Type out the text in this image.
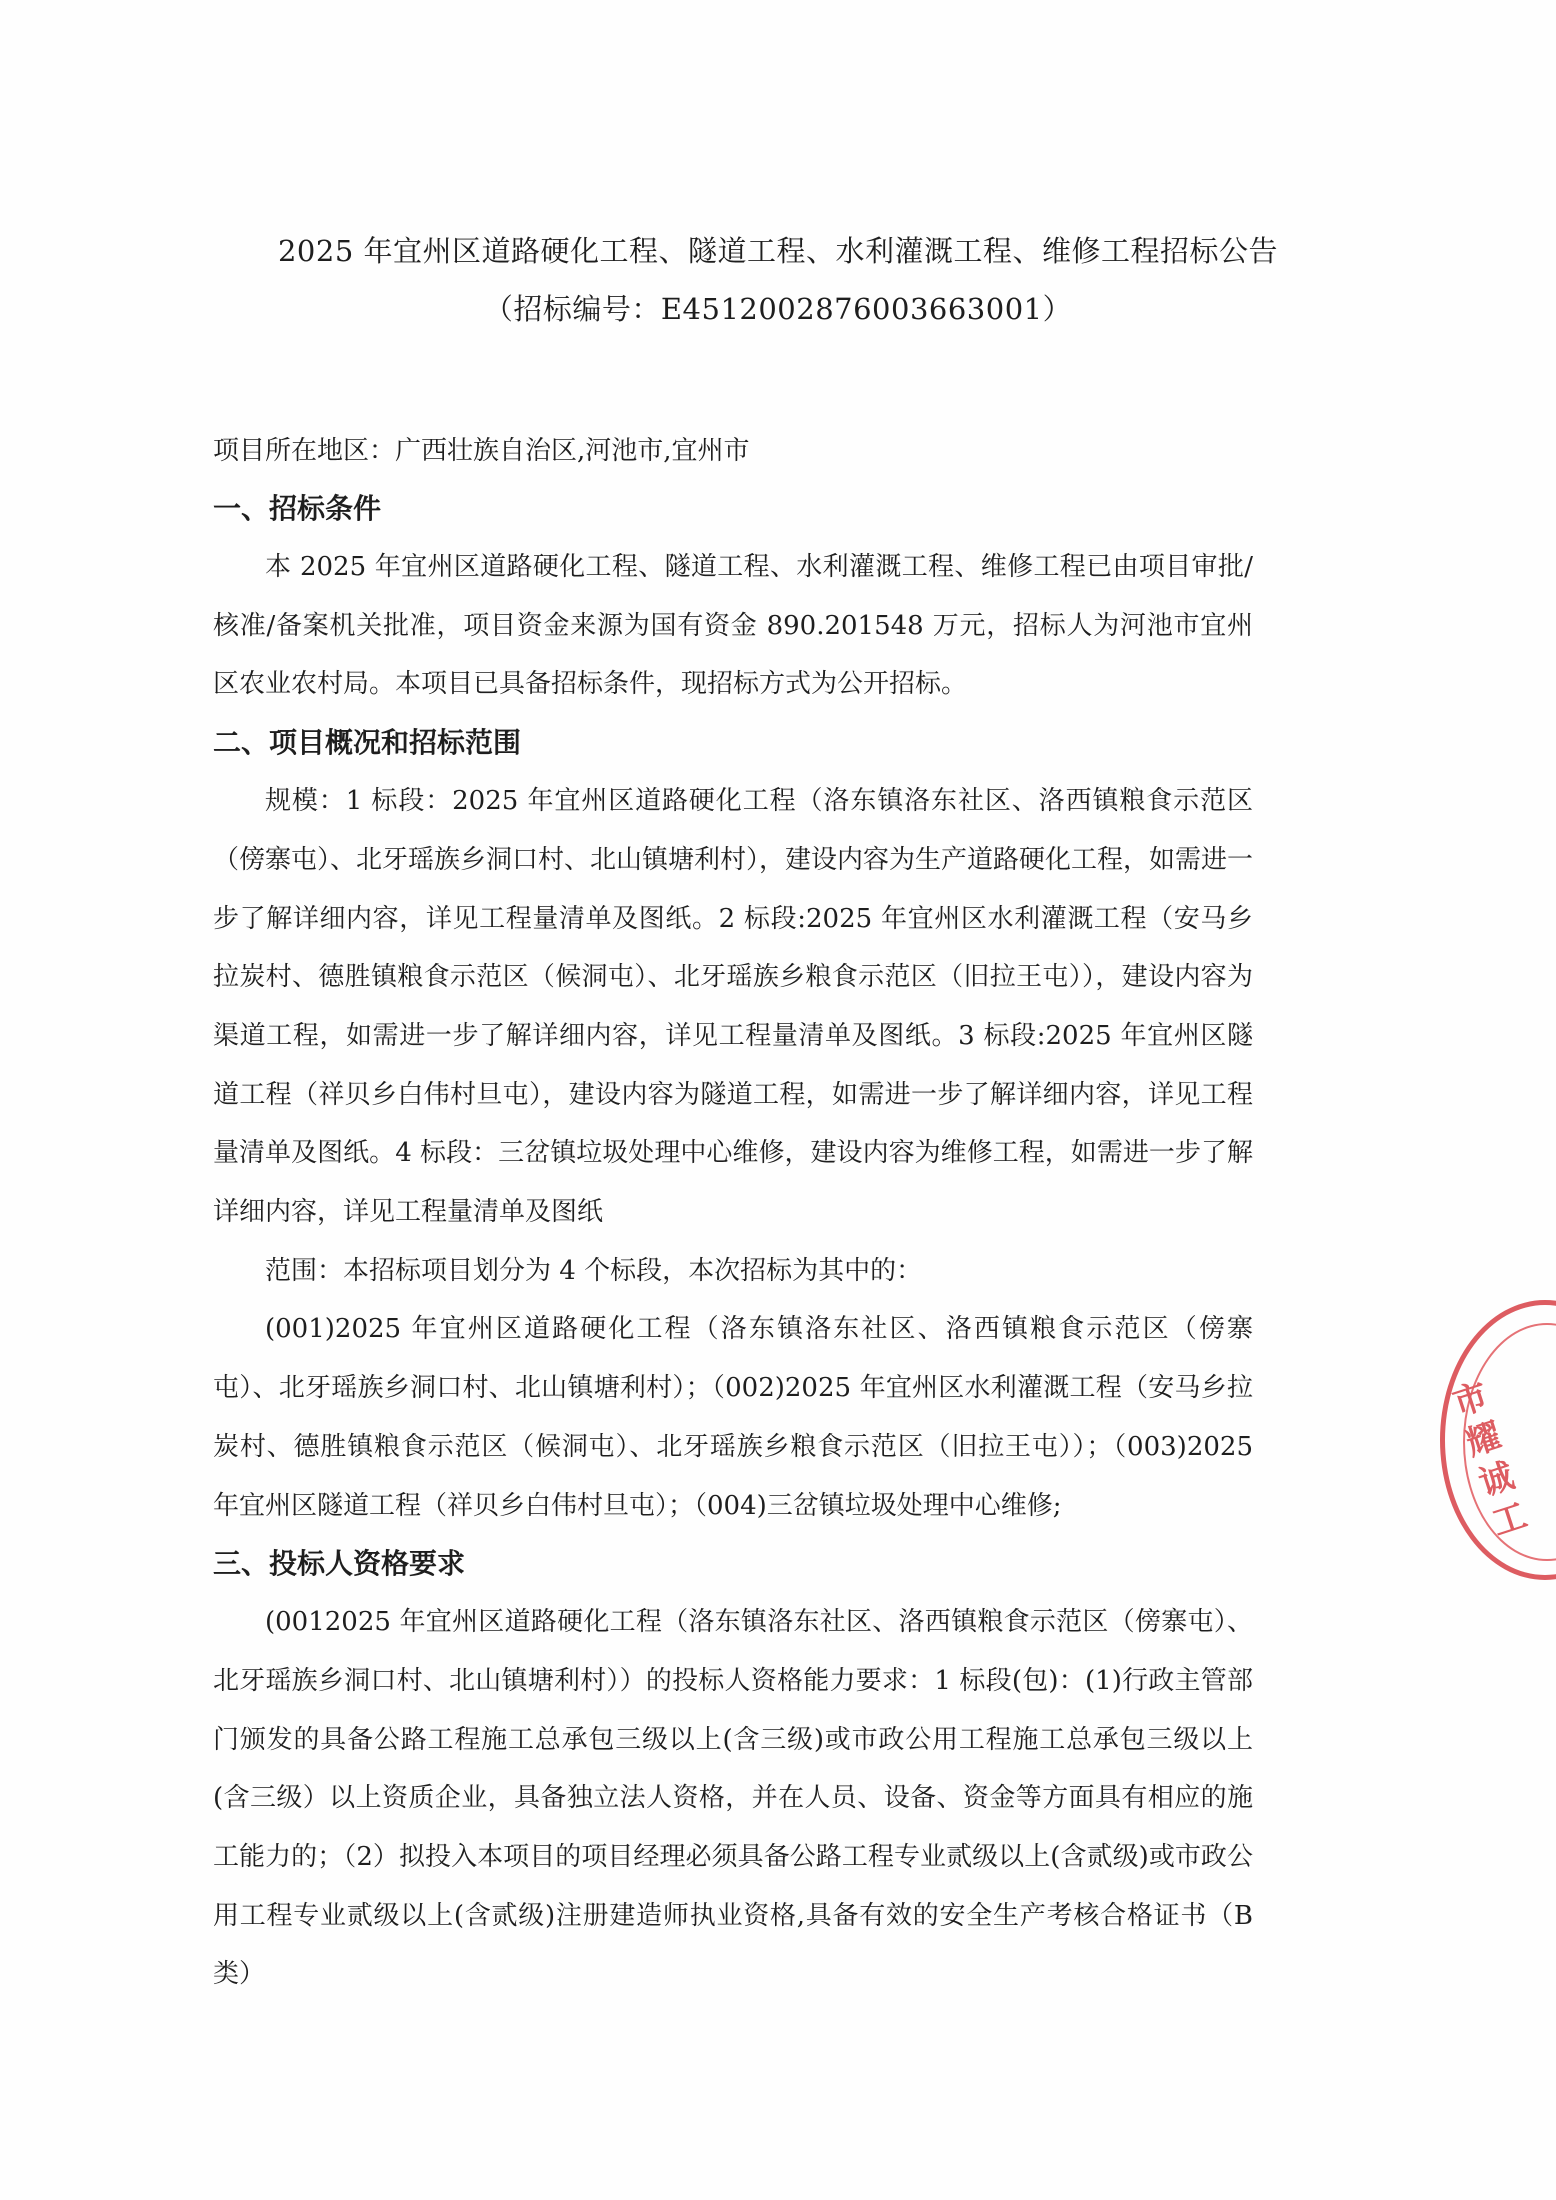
2025 年宜州区道路硬化工程、隧道工程、水利灌溉工程、维修工程招标公告
（招标编号：E4512002876003663001）
项目所在地区：广西壮族自治区,河池市,宜州市
一、招标条件

本 2025 年宜州区道路硬化工程、隧道工程、水利灌溉工程、维修工程已由项目审批/核准/备案机关批准，项目资金来源为国有资金 890.201548 万元，招标人为河池市宜州区农业农村局。本项目已具备招标条件，现招标方式为公开招标。

二、项目概况和招标范围

规模：1 标段：2025 年宜州区道路硬化工程（洛东镇洛东社区、洛西镇粮食示范区（傍寨屯）、北牙瑶族乡洞口村、北山镇塘利村），建设内容为生产道路硬化工程，如需进一步了解详细内容，详见工程量清单及图纸。2 标段:2025 年宜州区水利灌溉工程（安马乡拉炭村、德胜镇粮食示范区（候洞屯）、北牙瑶族乡粮食示范区（旧拉王屯）），建设内容为渠道工程，如需进一步了解详细内容，详见工程量清单及图纸。3 标段:2025 年宜州区隧道工程（祥贝乡白伟村旦屯），建设内容为隧道工程，如需进一步了解详细内容，详见工程量清单及图纸。4 标段：三岔镇垃圾处理中心维修，建设内容为维修工程，如需进一步了解详细内容，详见工程量清单及图纸

范围：本招标项目划分为 4 个标段，本次招标为其中的：

(001)2025 年宜州区道路硬化工程（洛东镇洛东社区、洛西镇粮食示范区（傍寨屯）、北牙瑶族乡洞口村、北山镇塘利村）；（002)2025 年宜州区水利灌溉工程（安马乡拉炭村、德胜镇粮食示范区（候洞屯）、北牙瑶族乡粮食示范区（旧拉王屯））；（003)2025 年宜州区隧道工程（祥贝乡白伟村旦屯）；（004)三岔镇垃圾处理中心维修;

三、投标人资格要求

(0012025 年宜州区道路硬化工程（洛东镇洛东社区、洛西镇粮食示范区（傍寨屯）、北牙瑶族乡洞口村、北山镇塘利村））的投标人资格能力要求：1 标段(包)：(1)行政主管部门颁发的具备公路工程施工总承包三级以上(含三级)或市政公用工程施工总承包三级以上(含三级）以上资质企业，具备独立法人资格，并在人员、设备、资金等方面具有相应的施工能力的；（2）拟投入本项目的项目经理必须具备公路工程专业贰级以上(含贰级)或市政公用工程专业贰级以上(含贰级)注册建造师执业资格,具备有效的安全生产考核合格证书（B 类）

市耀诚工
